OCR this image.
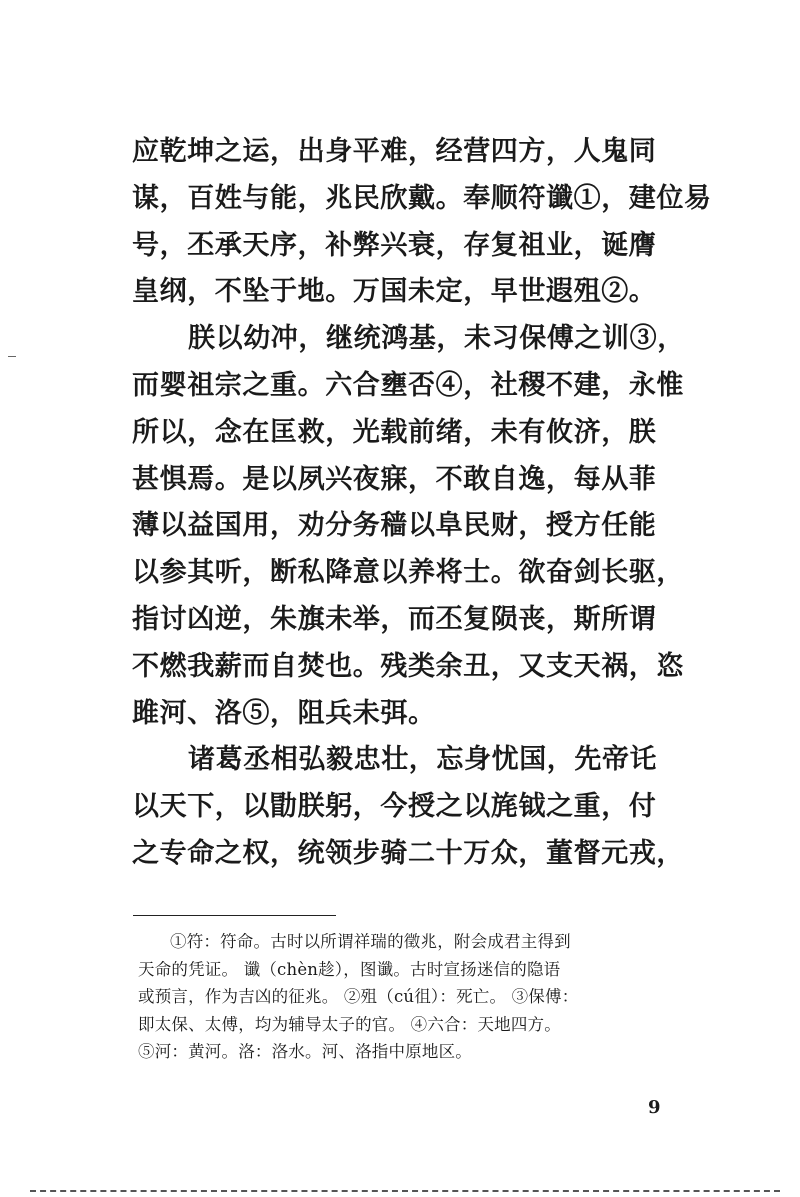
应乾坤之运，出身平难，经营四方，人鬼同
谋，百姓与能，兆民欣戴。奉顺符谶①，建位易
号，丕承天序，补弊兴衰，存复祖业，诞膺
皇纲，不坠于地。万国未定，早世遐殂②。
朕以幼冲，继统鸿基，未习保傅之训③，
而婴祖宗之重。六合壅否④，社稷不建，永惟
所以，念在匡救，光载前绪，未有攸济，朕
甚惧焉。是以夙兴夜寐，不敢自逸，每从菲
薄以益国用，劝分务穑以阜民财，授方任能
以参其听，断私降意以养将士。欲奋剑长驱，
指讨凶逆，朱旗未举，而丕复陨丧，斯所谓
不燃我薪而自焚也。残类余丑，又支天祸，恣
雎河、洛⑤，阻兵未弭。
诸葛丞相弘毅忠壮，忘身忧国，先帝讬
以天下，以勖朕躬，今授之以旄钺之重，付
之专命之权，统领步骑二十万众，董督元戎，
①符：符命。古时以所谓祥瑞的徵兆，附会成君主得到
天命的凭证。 谶（chèn趁），图谶。古时宣扬迷信的隐语
或预言，作为吉凶的征兆。 ②殂（cú徂）：死亡。 ③保傅：
即太保、太傅，均为辅导太子的官。 ④六合：天地四方。
⑤河：黄河。洛：洛水。河、洛指中原地区。
9
